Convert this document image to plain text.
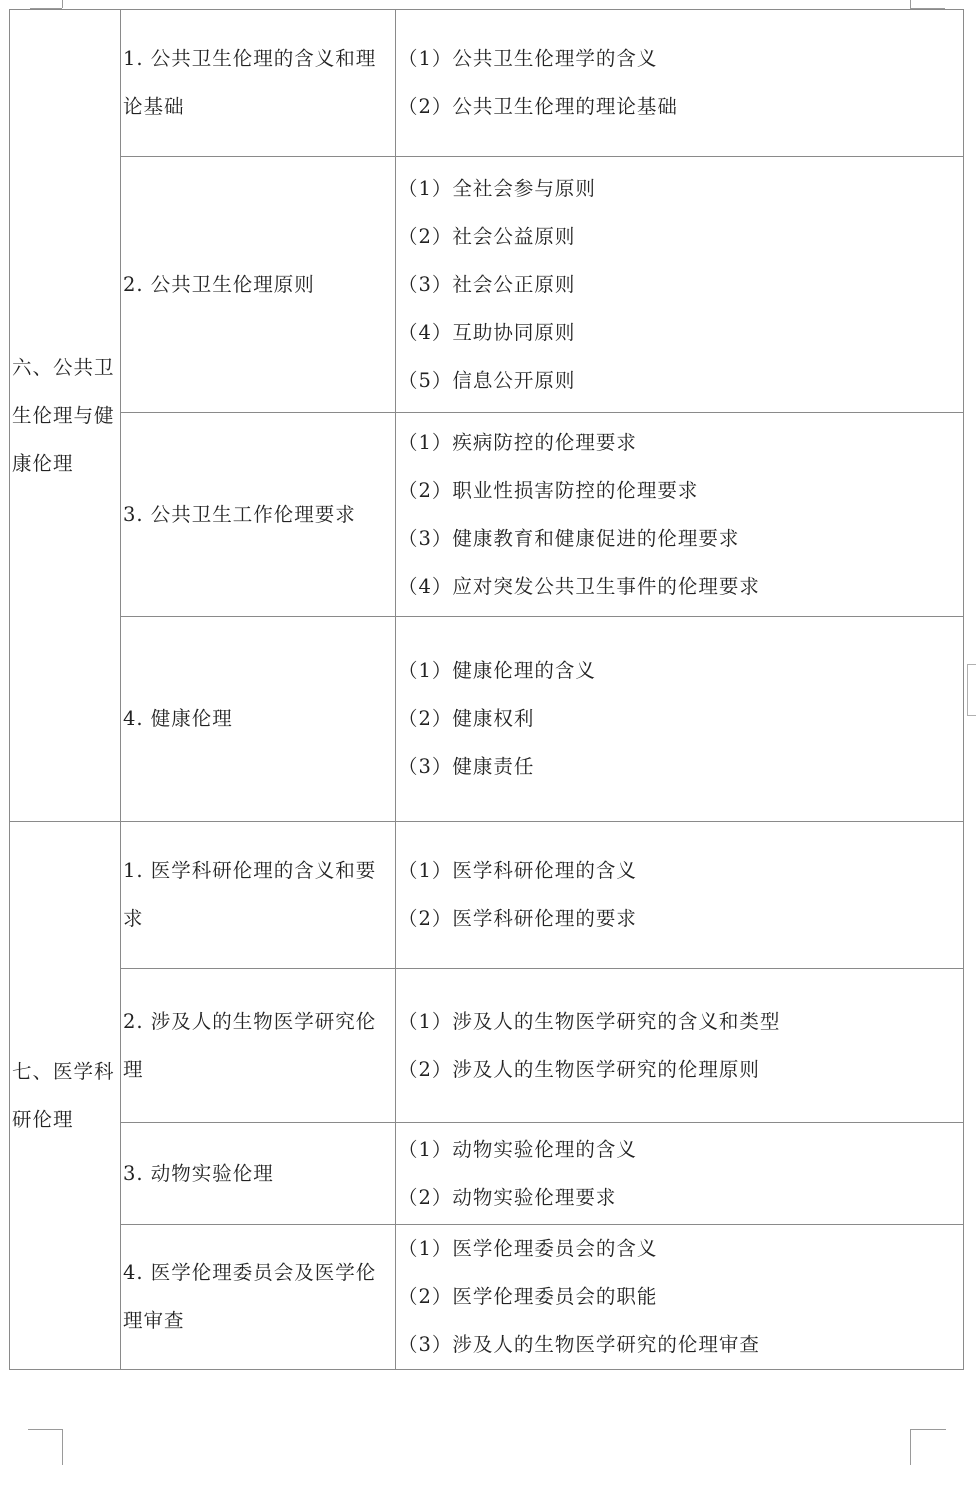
六、公共卫生伦理与健康伦理	1. 公共卫生伦理的含义和理论基础	（1）公共卫生伦理学的含义
（2）公共卫生伦理的理论基础

	2. 公共卫生伦理原则	（1）全社会参与原则
（2）社会公益原则
（3）社会公正原则
（4）互助协同原则
（5）信息公开原则

	3. 公共卫生工作伦理要求	（1）疾病防控的伦理要求
（2）职业性损害防控的伦理要求
（3）健康教育和健康促进的伦理要求
（4）应对突发公共卫生事件的伦理要求

	4. 健康伦理	（1）健康伦理的含义
（2）健康权利
（3）健康责任

七、医学科研伦理	1. 医学科研伦理的含义和要求	（1）医学科研伦理的含义
（2）医学科研伦理的要求

	2. 涉及人的生物医学研究伦理	（1）涉及人的生物医学研究的含义和类型
（2）涉及人的生物医学研究的伦理原则

	3. 动物实验伦理	（1）动物实验伦理的含义
（2）动物实验伦理要求

	4. 医学伦理委员会及医学伦理审查	（1）医学伦理委员会的含义
（2）医学伦理委员会的职能
（3）涉及人的生物医学研究的伦理审查
